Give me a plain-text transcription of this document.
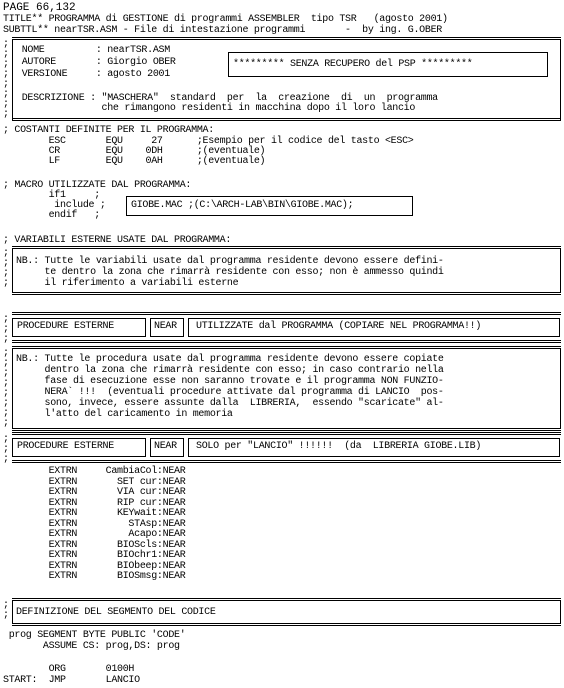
PAGE 66,132
TITLE** PROGRAMMA di GESTIONE di programmi ASSEMBLER  tipo TSR   (agosto 2001)
SUBTTL** nearTSR.ASM - File di intestazione programmi       -  by ing. G.OBER
;
;
;
;
;
;
;
;

NOME         : nearTSR.ASM
AUTORE       : Giorgio OBER
VERSIONE     : agosto 2001
********* SENZA RECUPERO del PSP *********
DESCRIZIONE : "MASCHERA"  standard  per  la  creazione  di  un  programma
che rimangono residenti in macchina dopo il loro lancio
; COSTANTI DEFINITE PER IL PROGRAMMA:
ESC       EQU     27      ;Esempio per il codice del tasto <ESC>
CR        EQU    0DH      ;(eventuale)
LF        EQU    0AH      ;(eventuale)
; MACRO UTILIZZATE DAL PROGRAMMA:
if1     ;
include ;	GIOBE.MAC ;(C:\ARCH-LAB\BIN\GIOBE.MAC);
endif   ;
; VARIABILI ESTERNE USATE DAL PROGRAMMA:
;
;
;
;

NB.: Tutte le variabili usate dal programma residente devono essere defini-
te dentro la zona che rimarrà residente con esso; non è ammesso quindi
il riferimento a variabili esterne
;
;
;

PROCEDURE ESTERNE	NEAR UTILIZZATE dal PROGRAMMA (COPIARE NEL PROGRAMMA!!)
;
;
;
;
;
;
;
;

NB.: Tutte le procedura usate dal programma residente devono essere copiate
dentro la zona che rimarrà residente con esso; in caso contrario nella
fase di esecuzione esse non saranno trovate e il programma NON FUNZIO-
NERA` !!!  (eventuali procedure attivate dal programma di LANCIO  pos-
sono, invece, essere assunte dalla  LIBRERIA,  essendo "scaricate" al-
l'atto del caricamento in memoria
;
;
;

PROCEDURE ESTERNE	NEAR SOLO per "LANCIO" !!!!!!  (da  LIBRERIA GIOBE.LIB)
EXTRN     CambiaCol:NEAR
EXTRN       SET cur:NEAR
EXTRN       VIA cur:NEAR
EXTRN       RIP cur:NEAR
EXTRN       KEYwait:NEAR
EXTRN         STAsp:NEAR
EXTRN         Acapo:NEAR
EXTRN       BIOScls:NEAR
EXTRN       BIOchr1:NEAR
EXTRN       BIObeep:NEAR
EXTRN       BIOSmsg:NEAR
;
; DEFINIZIONE DEL SEGMENTO DEL CODICE
prog SEGMENT BYTE PUBLIC 'CODE'
ASSUME CS: prog,DS: prog
ORG       0100H
START:  JMP       LANCIO
